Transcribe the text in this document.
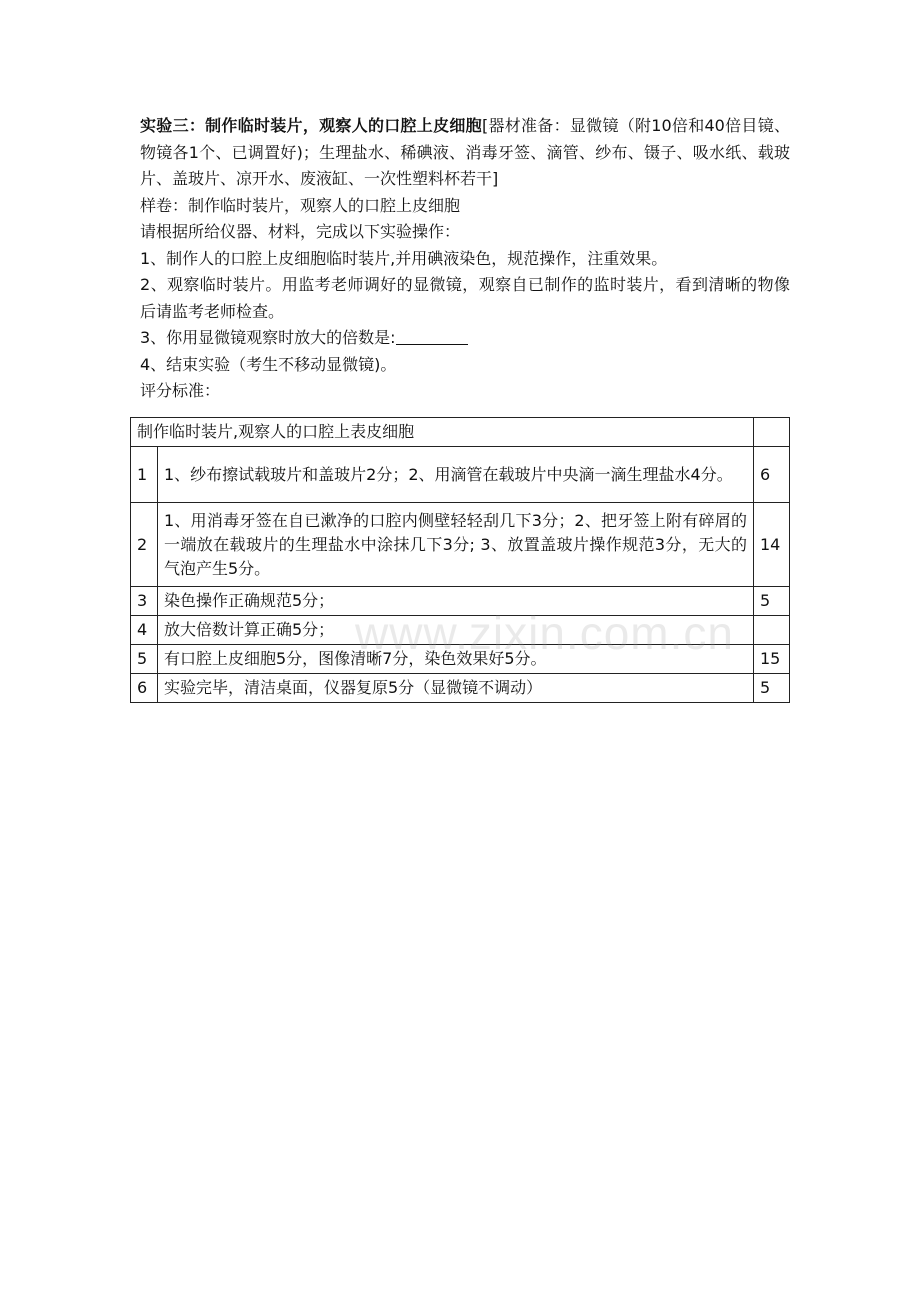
实验三：制作临时装片，观察人的口腔上皮细胞[器材准备：显微镜（附10倍和40倍目镜、物镜各1个、已调置好)；生理盐水、稀碘液、消毒牙签、滴管、纱布、镊子、吸水纸、载玻片、盖玻片、凉开水、废液缸、一次性塑料杯若干]

样卷：制作临时装片，观察人的口腔上皮细胞

请根据所给仪器、材料，完成以下实验操作：

1、制作人的口腔上皮细胞临时装片,并用碘液染色，规范操作，注重效果。

2、观察临时装片。用监考老师调好的显微镜，观察自已制作的监时装片，看到清晰的物像后请监考老师检查。

3、你用显微镜观察时放大的倍数是:

4、结束实验（考生不移动显微镜)。

评分标准：

制作临时装片,观察人的口腔上表皮细胞		
1	1、纱布擦试载玻片和盖玻片2分；2、用滴管在载玻片中央滴一滴生理盐水4分。	6
2	1、用消毒牙签在自已漱净的口腔内侧壁轻轻刮几下3分；2、把牙签上附有碎屑的一端放在载玻片的生理盐水中涂抹几下3分; 3、放置盖玻片操作规范3分，无大的气泡产生5分。	14
3	染色操作正确规范5分；	5
4	放大倍数计算正确5分；	
5	有口腔上皮细胞5分，图像清晰7分，染色效果好5分。	15
6	实验完毕，清洁桌面，仪器复原5分（显微镜不调动）	5
www.zixin.com.cn
